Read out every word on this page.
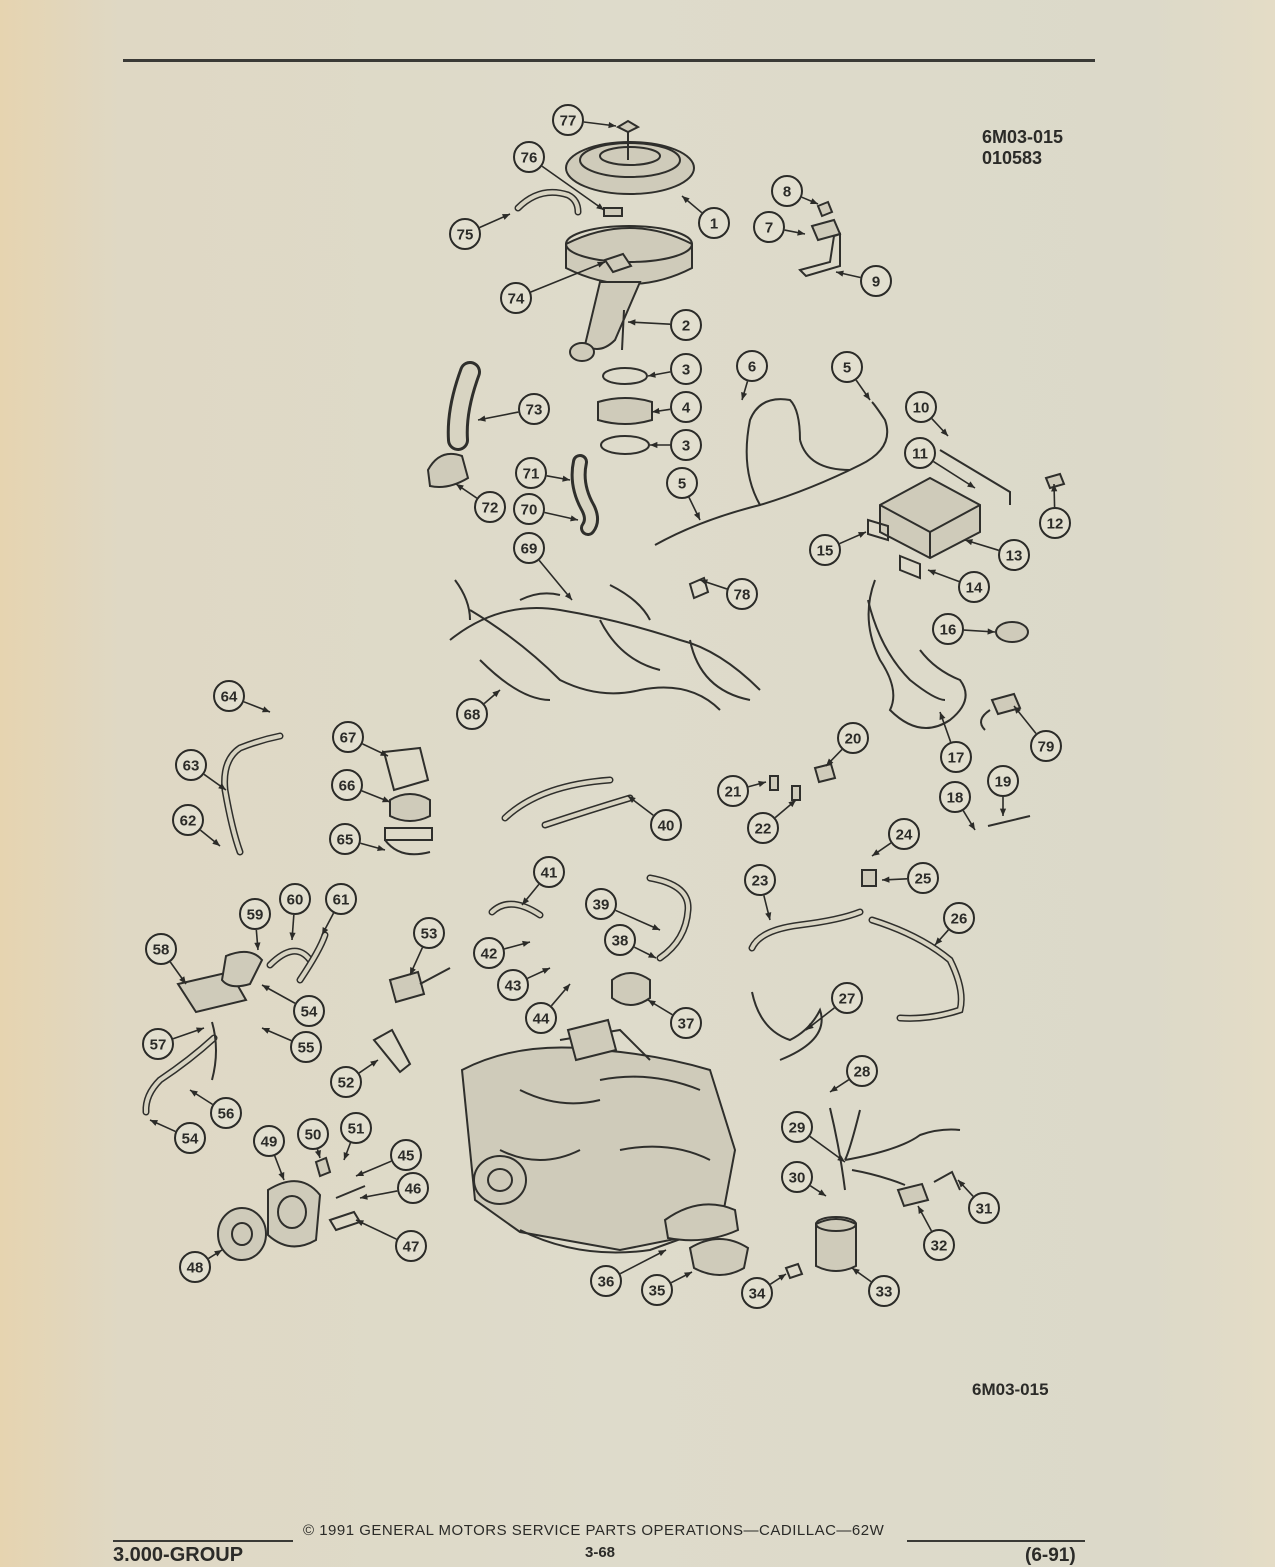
6M03-015
010583
1
2
3
3
4
5
5
6
7
8
9
10
11
12
13
14
15
16
17
18
19
20
21
22
23
24
25
26
27
28
29
30
31
32
33
34
35
36
37
38
39
40
41
42
43
44
45
46
47
48
49 50 51
52
53
54
54
55
56
57
58
59
60 61
62
63
64
65
66
67
68
69
70
71
72
73
74
75
76
77
78
79
6M03-015
3.000-GROUP
© 1991 GENERAL MOTORS SERVICE PARTS OPERATIONS—CADILLAC—62W
3-68	(6-91)
